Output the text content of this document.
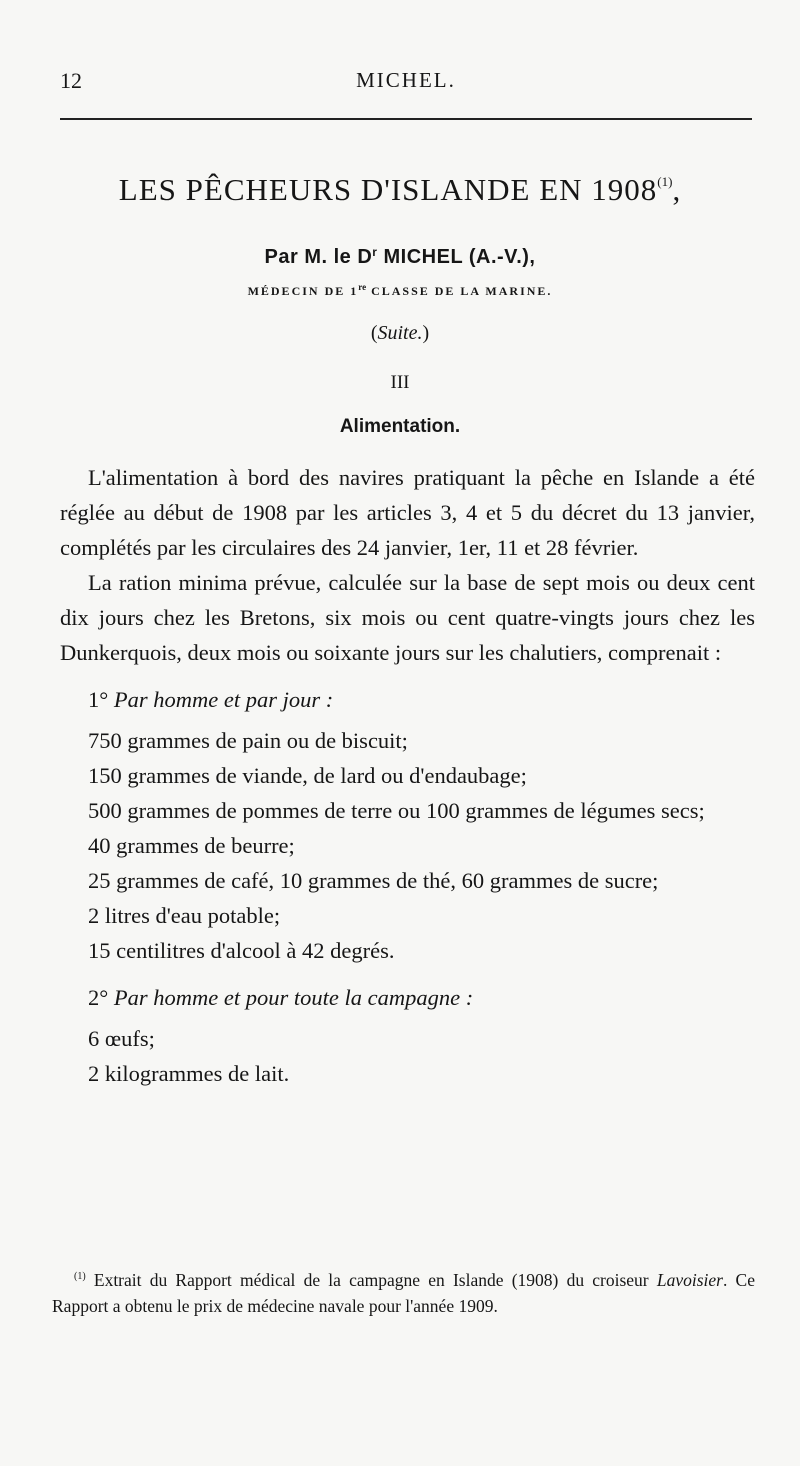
12	MICHEL.
LES PÊCHEURS D'ISLANDE EN 1908$^{(1)}$,
Par M. le $D^r$ MICHEL (A.-V.),
MÉDECIN DE 1re CLASSE DE LA MARINE.
(Suite.)
III
Alimentation.

L'alimentation à bord des navires pratiquant la pêche en Islande a été réglée au début de 1908 par les articles 3, 4 et 5 du décret du 13 janvier, complétés par les circulaires des 24 janvier, 1er, 11 et 28 février.

La ration minima prévue, calculée sur la base de sept mois ou deux cent dix jours chez les Bretons, six mois ou cent quatre-vingts jours chez les Dunkerquois, deux mois ou soixante jours sur les chalutiers, comprenait :

1° Par homme et par jour :

750 grammes de pain ou de biscuit;

150 grammes de viande, de lard ou d'endaubage;

500 grammes de pommes de terre ou 100 grammes de légumes secs;

40 grammes de beurre;

25 grammes de café, 10 grammes de thé, 60 grammes de sucre;

2 litres d'eau potable;

15 centilitres d'alcool à 42 degrés.

2° Par homme et pour toute la campagne :

6 œufs;

2 kilogrammes de lait.

$^{(1)}$ Extrait du Rapport médical de la campagne en Islande (1908) du croiseur Lavoisier. Ce Rapport a obtenu le prix de médecine navale pour l'année 1909.
